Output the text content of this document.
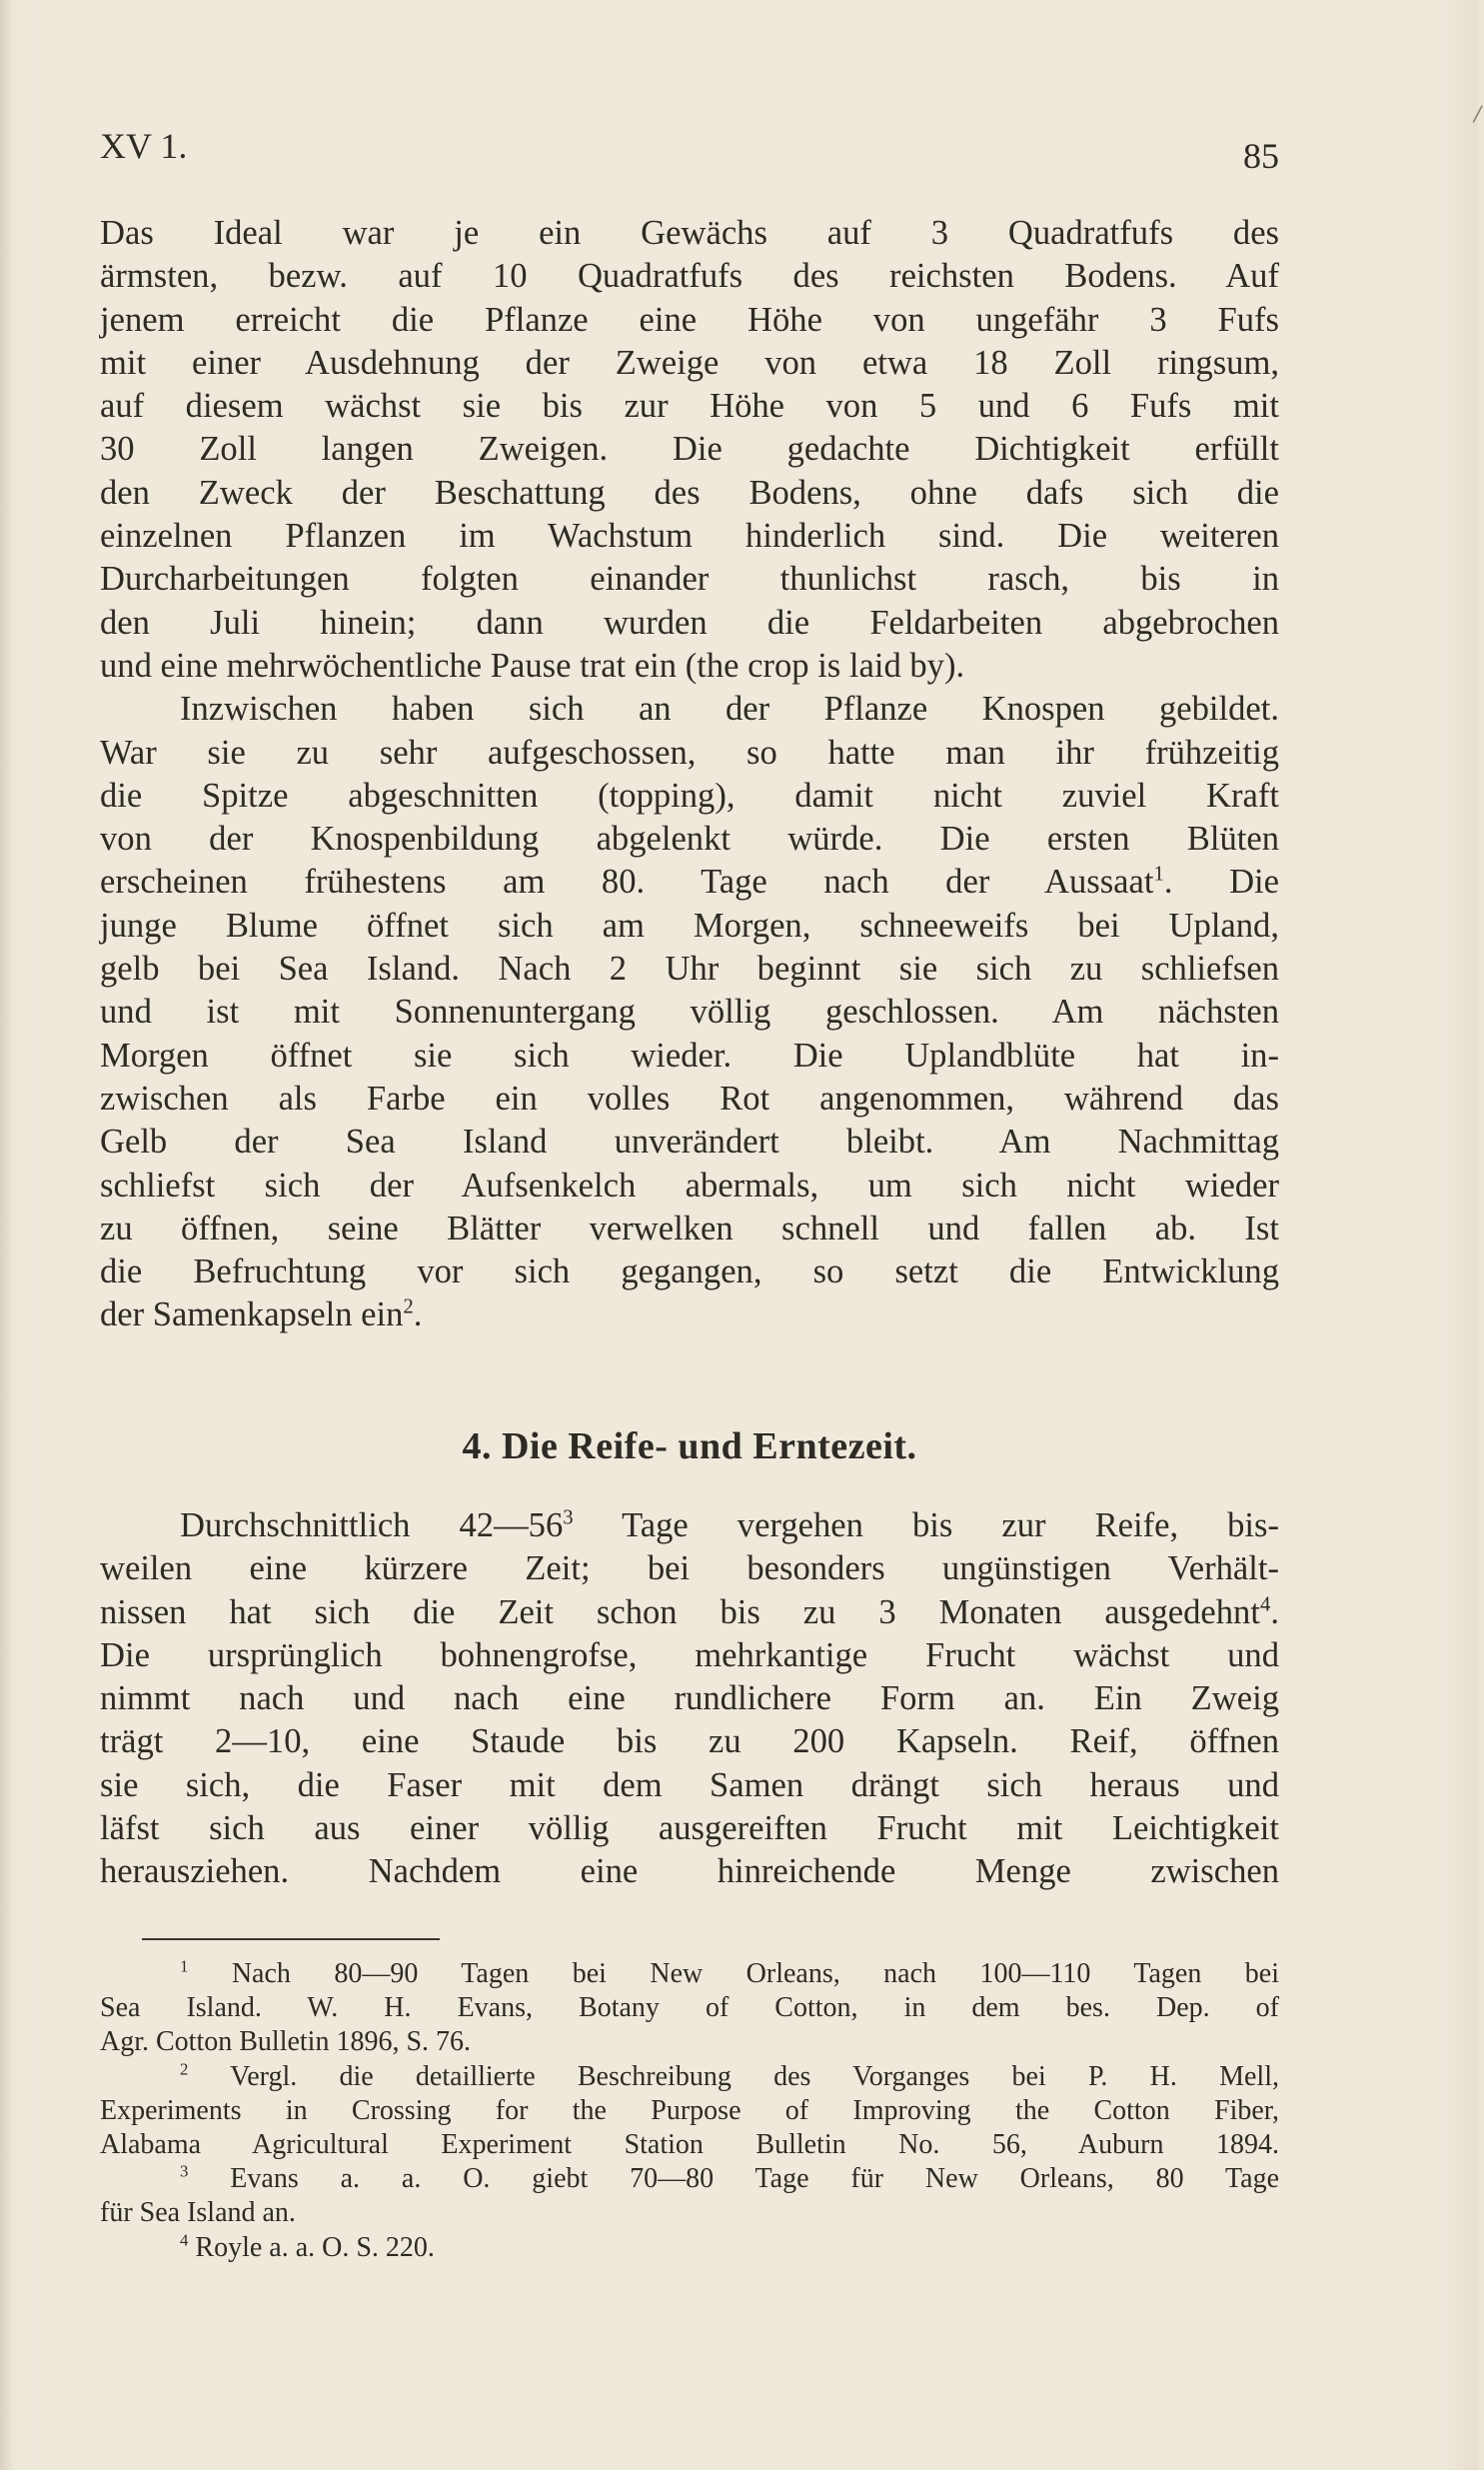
XV 1.	85
/
Das Ideal war je ein Gewächs auf 3 Quadratfufs des
ärmsten, bezw. auf 10 Quadratfufs des reichsten Bodens. Auf
jenem erreicht die Pflanze eine Höhe von ungefähr 3 Fufs
mit einer Ausdehnung der Zweige von etwa 18 Zoll ringsum,
auf diesem wächst sie bis zur Höhe von 5 und 6 Fufs mit
30 Zoll langen Zweigen. Die gedachte Dichtigkeit erfüllt
den Zweck der Beschattung des Bodens, ohne dafs sich die
einzelnen Pflanzen im Wachstum hinderlich sind. Die weiteren
Durcharbeitungen folgten einander thunlichst rasch, bis in
den Juli hinein; dann wurden die Feldarbeiten abgebrochen
und eine mehrwöchentliche Pause trat ein (the crop is laid by).
Inzwischen haben sich an der Pflanze Knospen gebildet.
War sie zu sehr aufgeschossen, so hatte man ihr frühzeitig
die Spitze abgeschnitten (topping), damit nicht zuviel Kraft
von der Knospenbildung abgelenkt würde. Die ersten Blüten
erscheinen frühestens am 80. Tage nach der Aussaat$^1$. Die
junge Blume öffnet sich am Morgen, schneeweifs bei Upland,
gelb bei Sea Island. Nach 2 Uhr beginnt sie sich zu schliefsen
und ist mit Sonnenuntergang völlig geschlossen. Am nächsten
Morgen öffnet sie sich wieder. Die Uplandblüte hat in-
zwischen als Farbe ein volles Rot angenommen, während das
Gelb der Sea Island unverändert bleibt. Am Nachmittag
schliefst sich der Aufsenkelch abermals, um sich nicht wieder
zu öffnen, seine Blätter verwelken schnell und fallen ab. Ist
die Befruchtung vor sich gegangen, so setzt die Entwicklung
der Samenkapseln ein$^2$.
4. Die Reife- und Erntezeit.
Durchschnittlich $42—56^3$ Tage vergehen bis zur Reife, bis-
weilen eine kürzere Zeit; bei besonders ungünstigen Verhält-
nissen hat sich die Zeit schon bis zu 3 Monaten ausgedehnt$^4$.
Die ursprünglich bohnengrofse, mehrkantige Frucht wächst und
nimmt nach und nach eine rundlichere Form an. Ein Zweig
trägt 2—10, eine Staude bis zu 200 Kapseln. Reif, öffnen
sie sich, die Faser mit dem Samen drängt sich heraus und
läfst sich aus einer völlig ausgereiften Frucht mit Leichtigkeit
herausziehen. Nachdem eine hinreichende Menge zwischen
$^1$ Nach 80—90 Tagen bei New Orleans, nach 100—110 Tagen bei
Sea Island. W. H. Evans, Botany of Cotton, in dem bes. Dep. of
Agr. Cotton Bulletin 1896, S. 76.
$^2$ Vergl. die detaillierte Beschreibung des Vorganges bei P. H. Mell,
Experiments in Crossing for the Purpose of Improving the Cotton Fiber,
Alabama Agricultural Experiment Station Bulletin No. 56, Auburn 1894.
$^3$ Evans a. a. O. giebt 70—80 Tage für New Orleans, 80 Tage
für Sea Island an.
$^4$ Royle a. a. O. S. 220.
